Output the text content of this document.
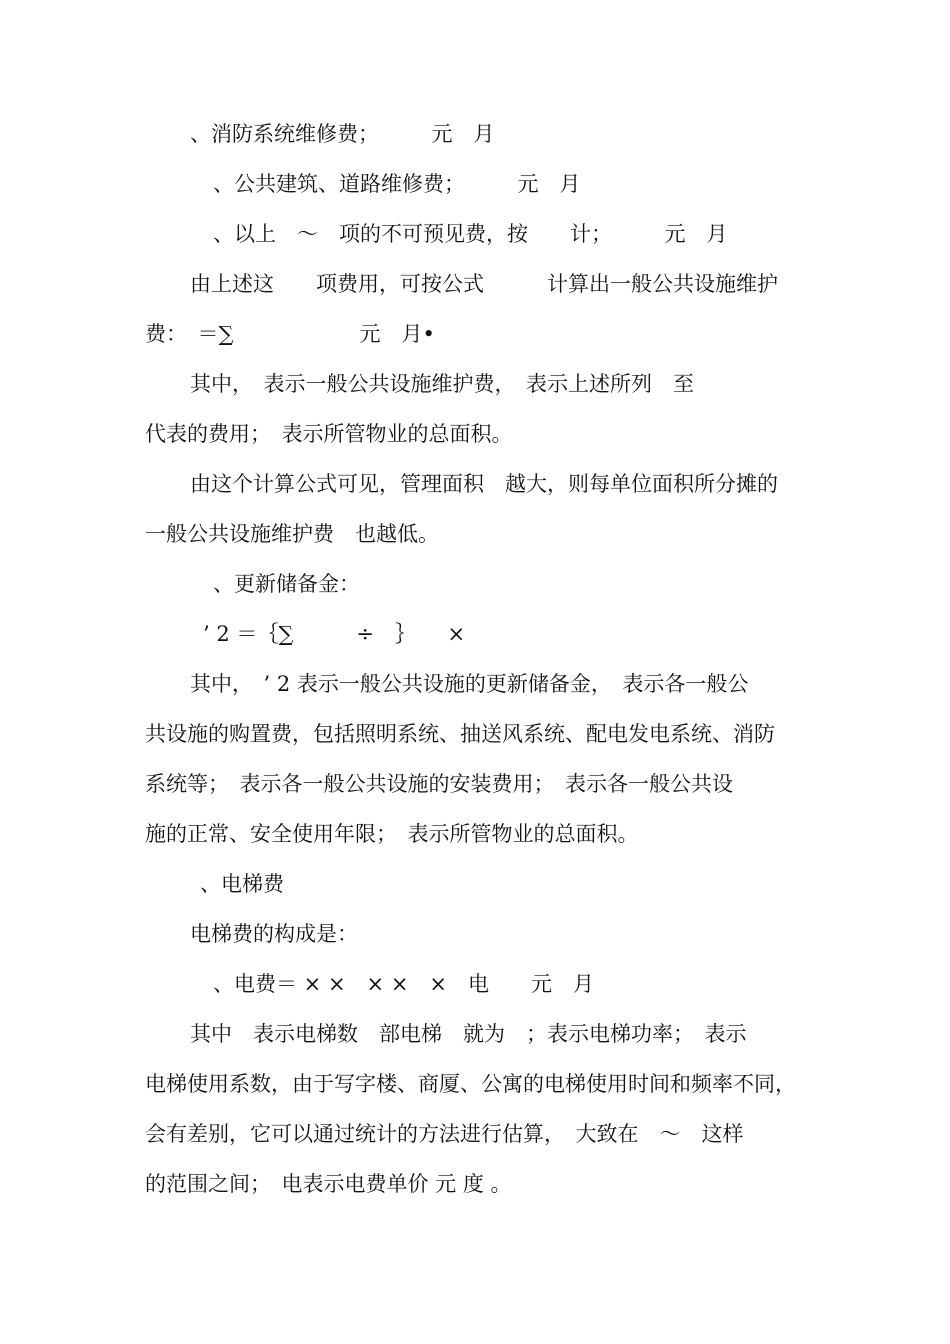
、消防系统维修费；　　　元　月
、公共建筑、道路维修费；　　　元　月
、以上　～　项的不可预见费，按　　计；　　　元　月
由上述这　　项费用，可按公式　　　计算出一般公共设施维护
费：　＝∑　　　　　　元　月•
其中，　表示一般公共设施维护费，　表示上述所列　至
代表的费用；　表示所管物业的总面积。
由这个计算公式可见，管理面积　越大，则每单位面积所分摊的
一般公共设施维护费　也越低。
、更新储备金：
’ 2 ＝｛∑　　　÷　｝　　×
其中，　’ 2 表示一般公共设施的更新储备金，　表示各一般公
共设施的购置费，包括照明系统、抽送风系统、配电发电系统、消防
系统等；　表示各一般公共设施的安装费用；　表示各一般公共设
施的正常、安全使用年限；　表示所管物业的总面积。
、电梯费
电梯费的构成是：
、电费＝ × ×　× ×　×　电　　元　月
其中　表示电梯数　部电梯　就为　；表示电梯功率；　表示
电梯使用系数，由于写字楼、商厦、公寓的电梯使用时间和频率不同，
会有差别，它可以通过统计的方法进行估算，　大致在　～　这样
的范围之间；　电表示电费单价 元 度 。
